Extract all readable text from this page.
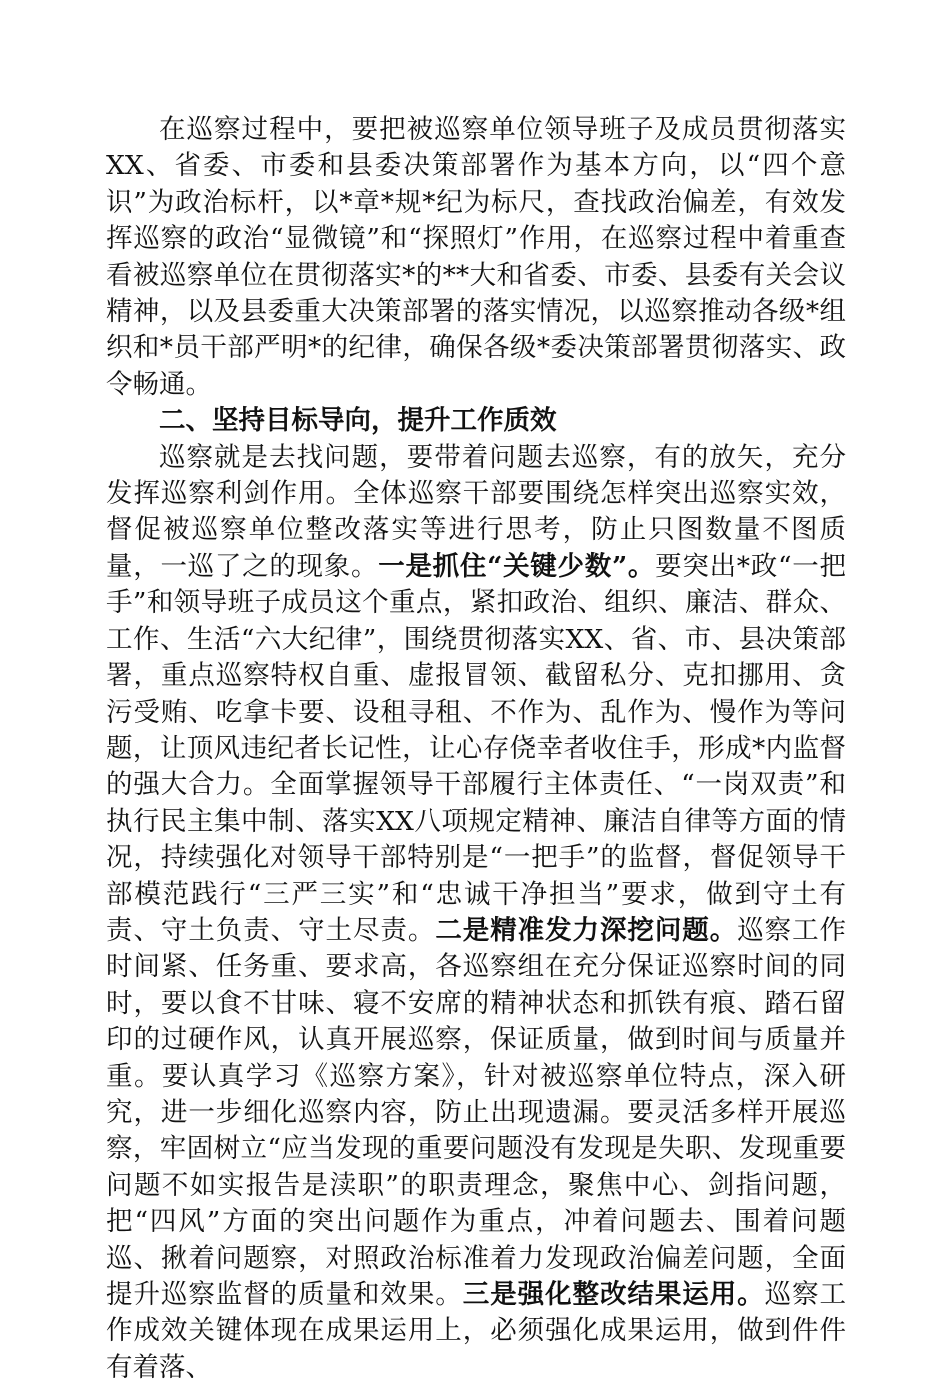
在巡察过程中，要把被巡察单位领导班子及成员贯彻落实XX、省委、市委和县委决策部署作为基本方向，以“四个意识”为政治标杆，以*章*规*纪为标尺，查找政治偏差，有效发挥巡察的政治“显微镜”和“探照灯”作用，在巡察过程中着重查看被巡察单位在贯彻落实*的**大和省委、市委、县委有关会议精神，以及县委重大决策部署的落实情况，以巡察推动各级*组织和*员干部严明*的纪律，确保各级*委决策部署贯彻落实、政令畅通。

二、坚持目标导向，提升工作质效

巡察就是去找问题，要带着问题去巡察，有的放矢，充分发挥巡察利剑作用。全体巡察干部要围绕怎样突出巡察实效，督促被巡察单位整改落实等进行思考，防止只图数量不图质量，一巡了之的现象。一是抓住“关键少数”。要突出*政“一把手”和领导班子成员这个重点，紧扣政治、组织、廉洁、群众、工作、生活“六大纪律”，围绕贯彻落实XX、省、市、县决策部署，重点巡察特权自重、虚报冒领、截留私分、克扣挪用、贪污受贿、吃拿卡要、设租寻租、不作为、乱作为、慢作为等问题，让顶风违纪者长记性，让心存侥幸者收住手，形成*内监督的强大合力。全面掌握领导干部履行主体责任、“一岗双责”和执行民主集中制、落实XX八项规定精神、廉洁自律等方面的情况，持续强化对领导干部特别是“一把手”的监督，督促领导干部模范践行“三严三实”和“忠诚干净担当”要求，做到守土有责、守土负责、守土尽责。二是精准发力深挖问题。巡察工作时间紧、任务重、要求高，各巡察组在充分保证巡察时间的同时，要以食不甘味、寝不安席的精神状态和抓铁有痕、踏石留印的过硬作风，认真开展巡察，保证质量，做到时间与质量并重。要认真学习《巡察方案》，针对被巡察单位特点，深入研究，进一步细化巡察内容，防止出现遗漏。要灵活多样开展巡察，牢固树立“应当发现的重要问题没有发现是失职、发现重要问题不如实报告是渎职”的职责理念，聚焦中心、剑指问题，把“四风”方面的突出问题作为重点，冲着问题去、围着问题巡、揪着问题察，对照政治标准着力发现政治偏差问题，全面提升巡察监督的质量和效果。三是强化整改结果运用。巡察工作成效关键体现在成果运用上，必须强化成果运用，做到件件有着落、
